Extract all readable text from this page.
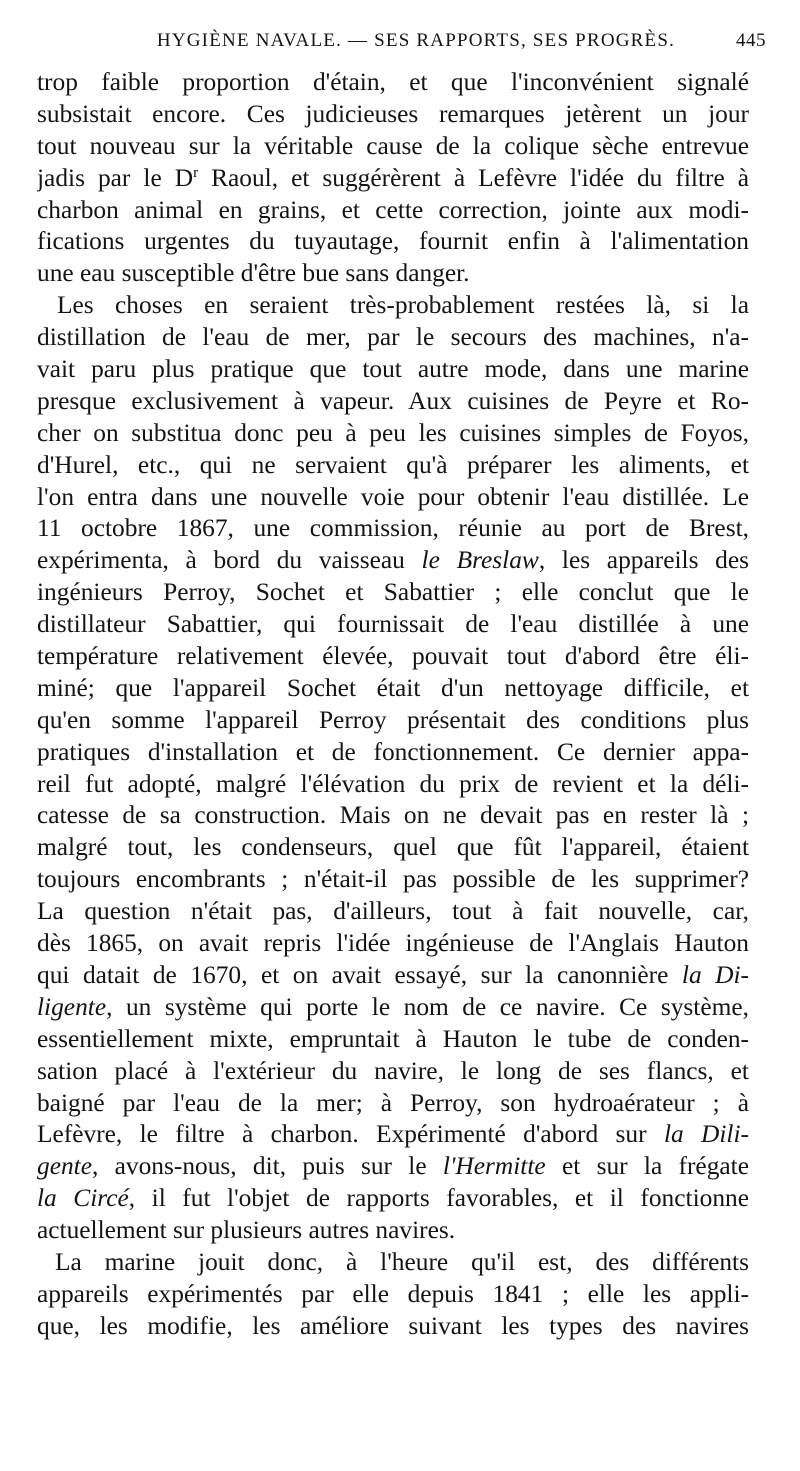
HYGIÈNE NAVALE. — SES RAPPORTS, SES PROGRÈS.	445
trop faible proportion d'étain, et que l'inconvénient signalé
subsistait encore. Ces judicieuses remarques jetèrent un jour
tout nouveau sur la véritable cause de la colique sèche entrevue
jadis par le $D^r$ Raoul, et suggérèrent à Lefèvre l'idée du filtre à
charbon animal en grains, et cette correction, jointe aux modi-
fications urgentes du tuyautage, fournit enfin à l'alimentation
une eau susceptible d'être bue sans danger.
Les choses en seraient très-probablement restées là, si la
distillation de l'eau de mer, par le secours des machines, n'a-
vait paru plus pratique que tout autre mode, dans une marine
presque exclusivement à vapeur. Aux cuisines de Peyre et Ro-
cher on substitua donc peu à peu les cuisines simples de Foyos,
d'Hurel, etc., qui ne servaient qu'à préparer les aliments, et
l'on entra dans une nouvelle voie pour obtenir l'eau distillée. Le
11 octobre 1867, une commission, réunie au port de Brest,
expérimenta, à bord du vaisseau le Breslaw, les appareils des
ingénieurs Perroy, Sochet et Sabattier ; elle conclut que le
distillateur Sabattier, qui fournissait de l'eau distillée à une
température relativement élevée, pouvait tout d'abord être éli-
miné; que l'appareil Sochet était d'un nettoyage difficile, et
qu'en somme l'appareil Perroy présentait des conditions plus
pratiques d'installation et de fonctionnement. Ce dernier appa-
reil fut adopté, malgré l'élévation du prix de revient et la déli-
catesse de sa construction. Mais on ne devait pas en rester là ;
malgré tout, les condenseurs, quel que fût l'appareil, étaient
toujours encombrants ; n'était-il pas possible de les supprimer?
La question n'était pas, d'ailleurs, tout à fait nouvelle, car,
dès 1865, on avait repris l'idée ingénieuse de l'Anglais Hauton
qui datait de 1670, et on avait essayé, sur la canonnière la Di-
ligente, un système qui porte le nom de ce navire. Ce système,
essentiellement mixte, empruntait à Hauton le tube de conden-
sation placé à l'extérieur du navire, le long de ses flancs, et
baigné par l'eau de la mer; à Perroy, son hydroaérateur ; à
Lefèvre, le filtre à charbon. Expérimenté d'abord sur la Dili-
gente, avons-nous, dit, puis sur le l'Hermitte et sur la frégate
la Circé, il fut l'objet de rapports favorables, et il fonctionne
actuellement sur plusieurs autres navires.
La marine jouit donc, à l'heure qu'il est, des différents
appareils expérimentés par elle depuis 1841 ; elle les appli-
que, les modifie, les améliore suivant les types des navires
